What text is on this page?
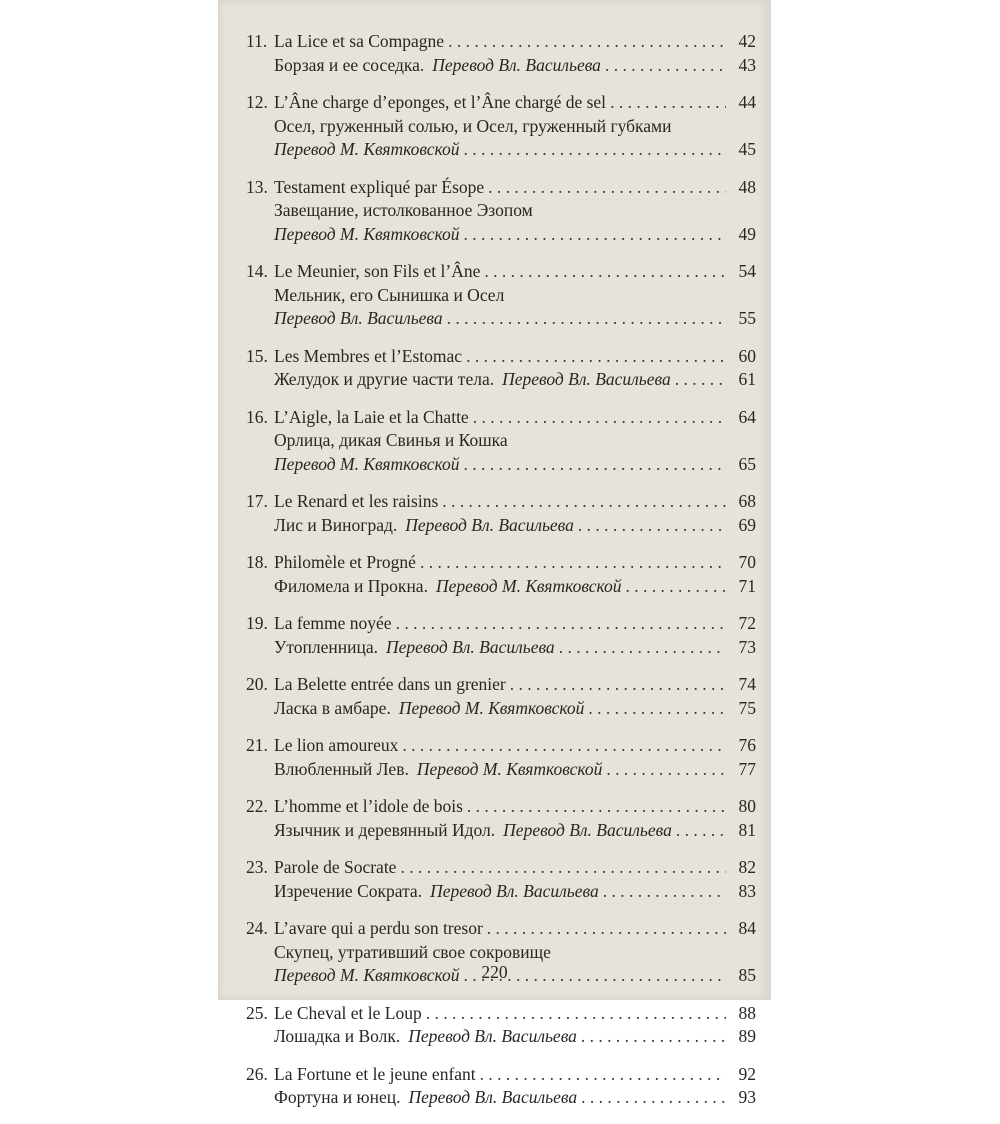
11. La Lice et sa Compagne . . .	42
Борзая и ее соседка. Перевод Вл. Васильева . . .	43
12. L’Âne charge d’eponges, et l’Âne chargé de sel . . .	44
Осел, груженный солью, и Осел, груженный губками
Перевод М. Квятковской . . .	45
13. Testament expliqué par Ésope . . .	48
Завещание, истолкованное Эзопом
Перевод М. Квятковской . . .	49
14. Le Meunier, son Fils et l’Âne . . .	54
Мельник, его Сынишка и Осел
Перевод Вл. Васильева . . .	55
15. Les Membres et l’Estomac . . .	60
Желудок и другие части тела. Перевод Вл. Васильева . . .	61
16. L’Aigle, la Laie et la Chatte . . .	64
Орлица, дикая Свинья и Кошка
Перевод М. Квятковской . . .	65
17. Le Renard et les raisins . . .	68
Лис и Виноград. Перевод Вл. Васильева . . .	69
18. Philomèle et Progné . . .	70
Филомела и Прокна. Перевод М. Квятковской . . .	71
19. La femme noyée . . .	72
Утопленница. Перевод Вл. Васильева . . .	73
20. La Belette entrée dans un grenier . . .	74
Ласка в амбаре. Перевод М. Квятковской . . .	75
21. Le lion amoureux . . .	76
Влюбленный Лев. Перевод М. Квятковской . . .	77
22. L’homme et l’idole de bois . . .	80
Язычник и деревянный Идол. Перевод Вл. Васильева . . .	81
23. Parole de Socrate . . .	82
Изречение Сократа. Перевод Вл. Васильева . . .	83
24. L’avare qui a perdu son tresor . . .	84
Скупец, утративший свое сокровище
Перевод М. Квятковской . . .	85
25. Le Cheval et le Loup . . .	88
Лошадка и Волк. Перевод Вл. Васильева . . .	89
26. La Fortune et le jeune enfant . . .	92
Фортуна и юнец. Перевод Вл. Васильева . . .	93
220
